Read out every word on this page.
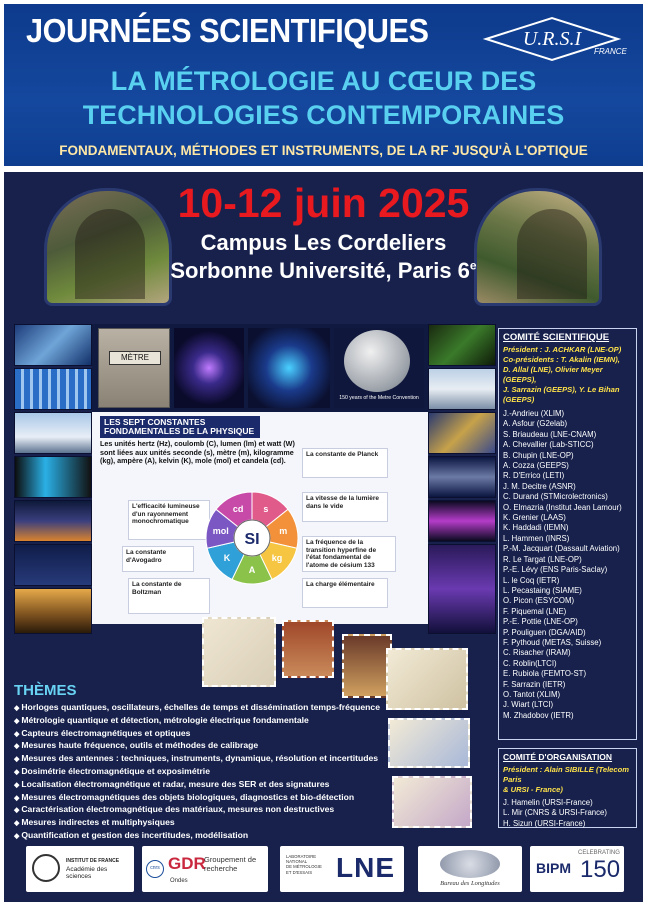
JOURNÉES SCIENTIFIQUES	U.R.S.I
FRANCE
LA MÉTROLOGIE AU CŒUR DES
TECHNOLOGIES CONTEMPORAINES
FONDAMENTAUX, MÉTHODES ET INSTRUMENTS, DE LA RF JUSQU'À L'OPTIQUE
10-12 juin 2025
Campus Les Cordeliers
Sorbonne Université, Paris 6e
MÈTRE
150 years of the Metre Convention
LES SEPT CONSTANTES FONDAMENTALES DE LA PHYSIQUE
Les unités hertz (Hz), coulomb (C), lumen (lm) et watt (W) sont liées aux unités seconde (s), mètre (m), kilogramme (kg), ampère (A), kelvin (K), mole (mol) et candela (cd).
L'efficacité lumineuse d'un rayonnement monochromatique
La constante d'Avogadro
La constante de Boltzman
La constante de Planck
La vitesse de la lumière dans le vide
La fréquence de la transition hyperfine de l'état fondamental de l'atome de césium 133
La charge élémentaire
s
m
kg
A
K
mol
cd
SI
COMITÉ SCIENTIFIQUE
Président : J. ACHKAR (LNE-OP)
Co-présidents : T. Akalin (IEMN),
D. Allal (LNE), Olivier Meyer (GEEPS),
J. Sarrazin (GEEPS), Y. Le Bihan
(GEEPS)
J.-Andrieu (XLIM)
A. Asfour (G2elab)
S. Briaudeau (LNE-CNAM)
A. Chevallier (Lab-STICC)
B. Chupin (LNE-OP)
A. Cozza (GEEPS)
R. D'Errico (LETI)
J. M. Decitre (ASNR)
C. Durand (STMicrolectronics)
O. Elmazria (Institut Jean Lamour)
K. Grenier (LAAS)
K. Haddadi (IEMN)
L. Hammen (INRS)
P.-M. Jacquart (Dassault Aviation)
R. Le Targat (LNE-OP)
P.-E. Lévy (ENS Paris-Saclay)
L. le Coq (IETR)
L. Pecastaing (SIAME)
O. Picon (ESYCOM)
F. Piquemal (LNE)
P.-E. Pottie (LNE-OP)
P. Pouliguen (DGA/AID)
F. Pythoud (METAS, Suisse)
C. Risacher (IRAM)
C. Roblin(LTCI)
E. Rubiola (FEMTO-ST)
F. Sarrazin (IETR)
O. Tantot (XLIM)
J. Wiart (LTCI)
M. Zhadobov (IETR)
COMITÉ D'ORGANISATION
Président : Alain SIBILLE (Telecom Paris
& URSI - France)
J. Hamelin (URSI-France)
L. Mir (CNRS & URSI-France)
H. Sizun (URSI-France)
THÈMES
◆ Horloges quantiques, oscillateurs, échelles de temps et dissémination temps-fréquence
◆ Métrologie quantique et détection, métrologie électrique fondamentale
◆ Capteurs électromagnétiques et optiques
◆ Mesures haute fréquence, outils et méthodes de calibrage
◆ Mesures des antennes : techniques, instruments, dynamique, résolution et incertitudes
◆ Dosimétrie électromagnétique et exposimétrie
◆ Localisation électromagnétique et radar, mesure des SER et des signatures
◆ Mesures électromagnétiques des objets biologiques, diagnostics et bio-détection
◆ Caractérisation électromagnétique des matériaux, mesures non destructives
◆ Mesures indirectes et multiphysiques
◆ Quantification et gestion des incertitudes, modélisation
INSTITUT DE FRANCE
Académie des sciences
cnrs GDR
Groupement de recherche
Ondes
LABORATOIRE
NATIONAL
DE MÉTROLOGIE
ET D'ESSAIS LNE
Bureau des Longitudes
BIPM
CELEBRATING
150
